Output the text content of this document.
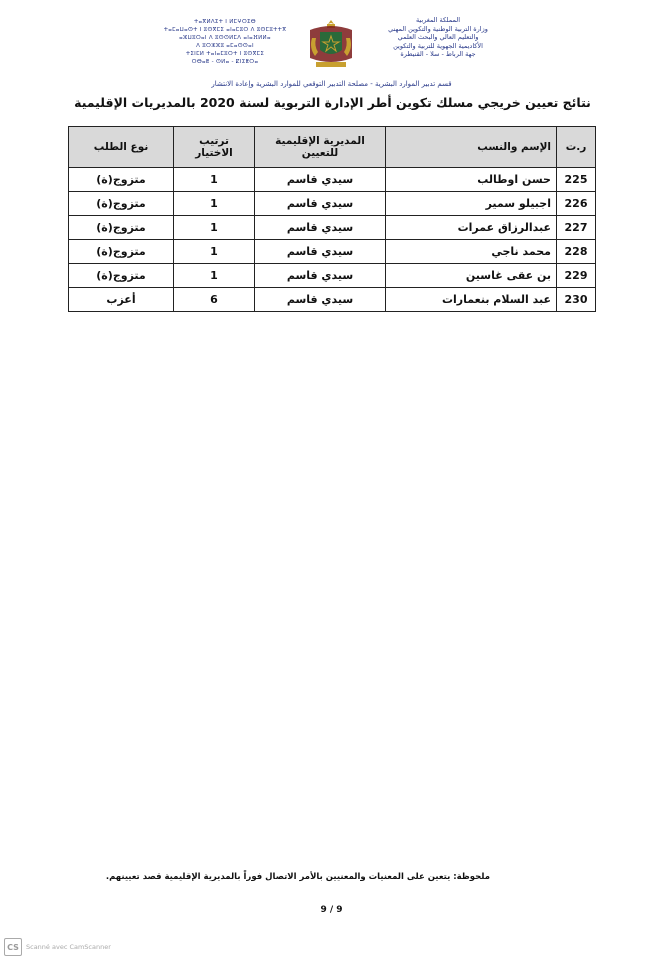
ⵜⴰⴳⵍⴷⵉⵜ ⵏ ⵍⵎⵖⵔⵉⴱ
ⵜⴰⵎⴰⵡⴰⵙⵜ ⵏ ⵓⵙⴳⵎⵉ ⴰⵏⴰⵎⵓⵔ ⴷ ⵓⵙⵎⵓⵜⵜⴳ
ⴰⵣⵡⵓⵔⴰⵏ ⴷ ⵓⵙⵙⵍⵎⴷ ⴰⵏⴰⴼⵍⵍⴰ
ⴷ ⵓⵔⵣⵣⵓ ⴰⵎⴰⵙⵙⴰⵏ
ⵜⵉⵏⵎⵍ ⵜⴰⵏⴰⵎⵓⵔⵜ ⵏ ⵓⵙⴳⵎⵉ
ⵔⴱⴰⵟ - ⵙⵍⴰ - ⵇⵏⵉⵟⵔⴰ
المملكة المغربية
وزارة التربية الوطنية والتكوين المهني
والتعليم العالي والبحث العلمي
الأكاديمية الجهوية للتربية والتكوين
جهة الرباط - سلا - القنيطرة
قسم تدبير الموارد البشرية - مصلحة التدبير التوقعي للموارد البشرية وإعادة الانتشار
نتائج تعيين خريجي مسلك تكوين أطر الإدارة التربوية لسنة 2020 بالمديريات الإقليمية
ر.ت	الإسم والنسب	المديرية الإقليمية للتعيين	ترتيب الاختيار	نوع الطلب
225	حسن اوطالب	سيدي قاسم	1	متزوج(ة)
226	اجبيلو سمير	سيدي قاسم	1	متزوج(ة)
227	عبدالرزاق عمرات	سيدي قاسم	1	متزوج(ة)
228	محمد ناجي	سيدي قاسم	1	متزوج(ة)
229	بن عقى غاسين	سيدي قاسم	1	متزوج(ة)
230	عبد السلام بنعمارات	سيدي قاسم	6	أعزب
ملحوظة: يتعين على المعنيات والمعنيين بالأمر الاتصال فوراً بالمديرية الإقليمية قصد تعيينهم.
9 / 9
CS	Scanné avec CamScanner
